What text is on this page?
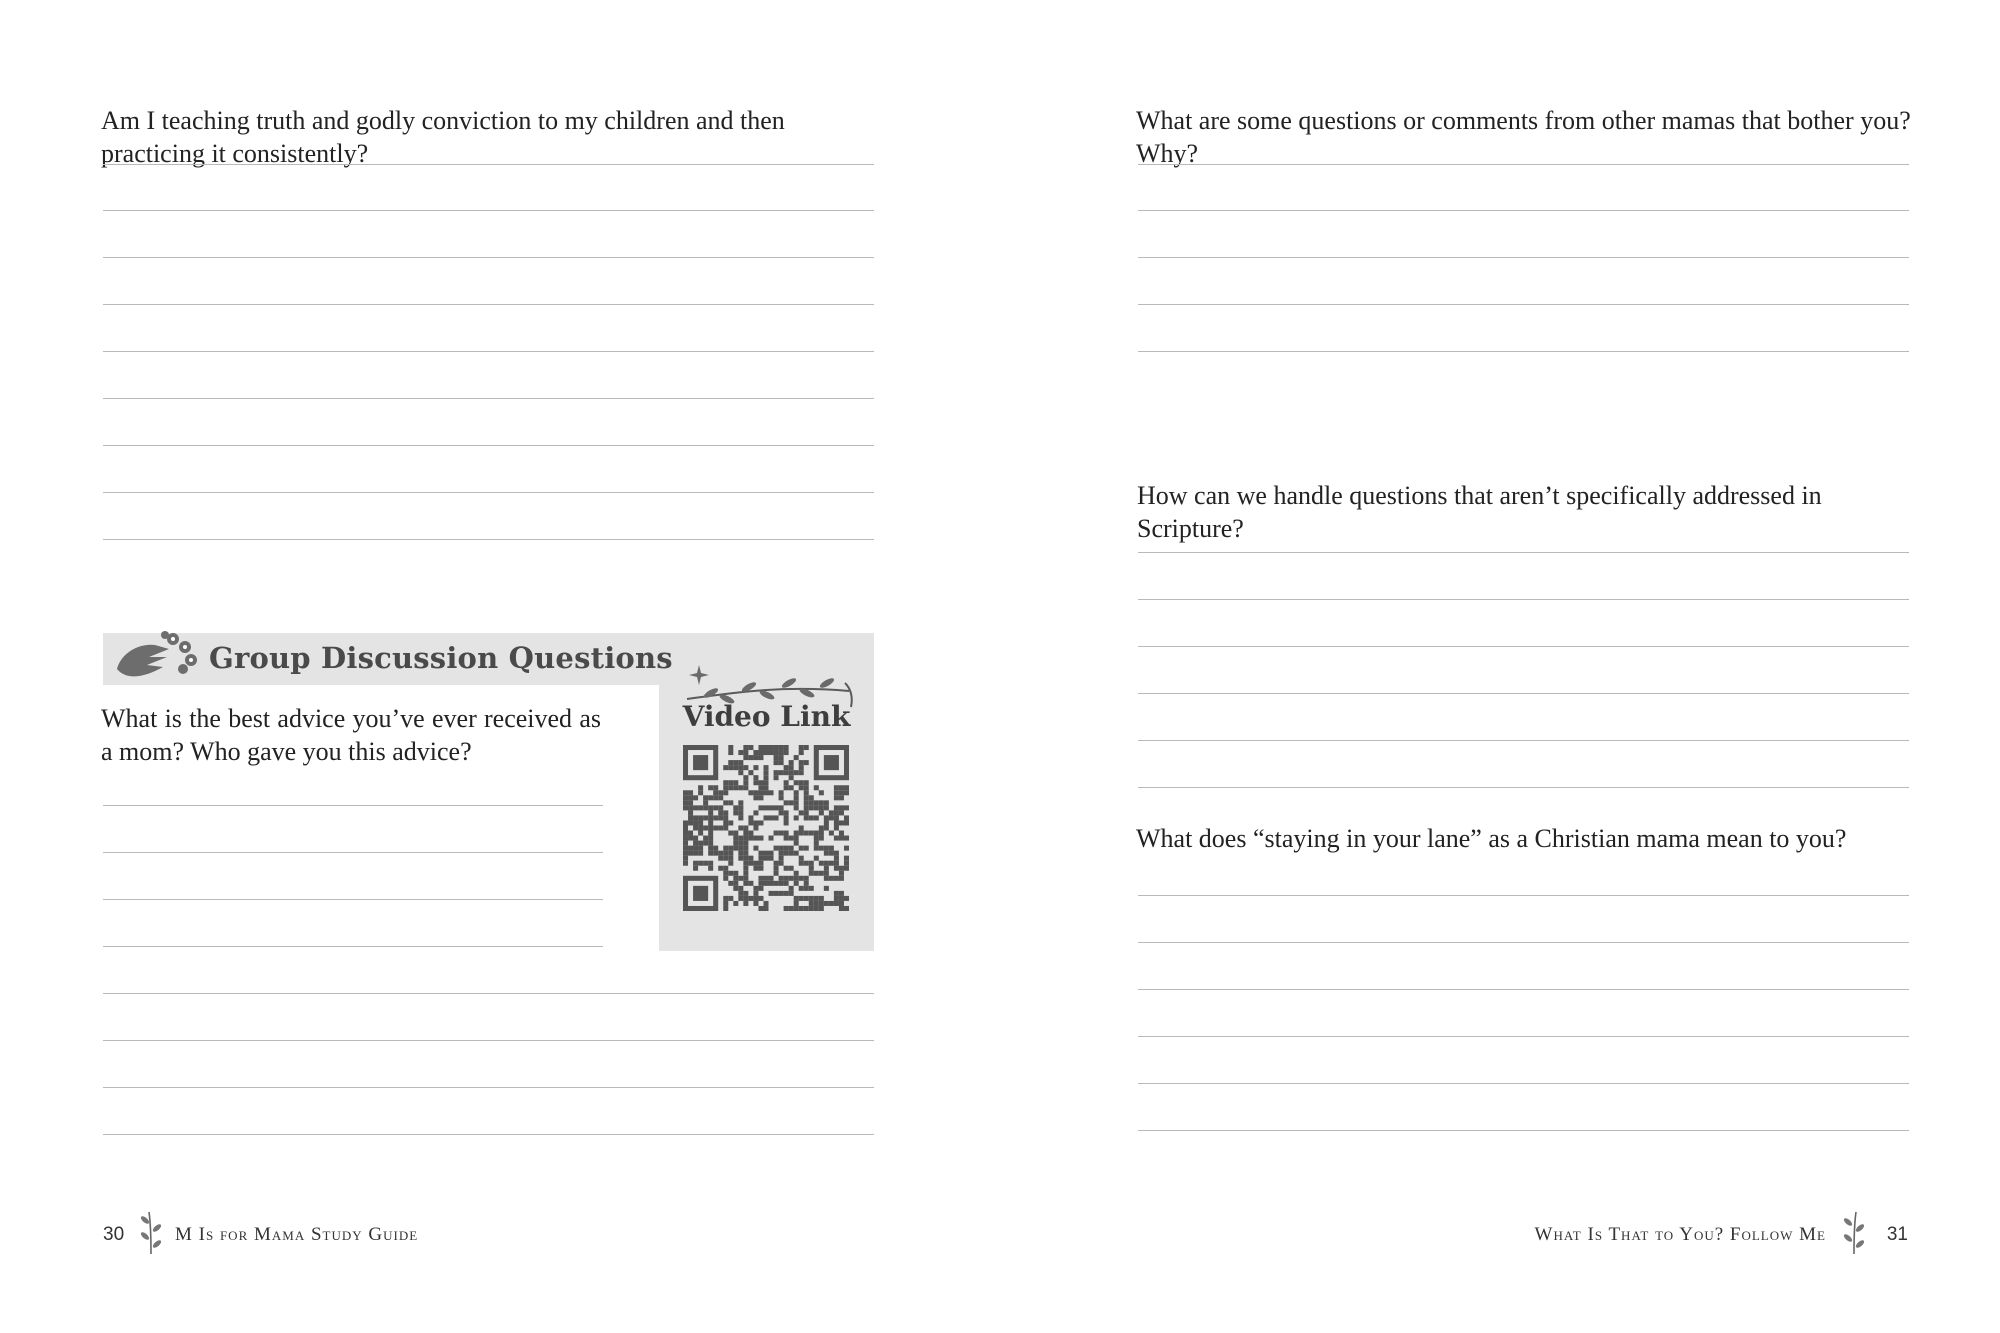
Am I teaching truth and godly conviction to my children and then practicing it consistently?
Group Discussion Questions
What is the best advice you’ve ever received as a mom? Who gave you this advice?
Video Link
30	M Is for Mama Study Guide
What are some questions or comments from other mamas that bother you? Why?
How can we handle questions that aren’t specifically addressed in Scripture?
What does “staying in your lane” as a Christian mama mean to you?
What Is That to You? Follow Me	31
